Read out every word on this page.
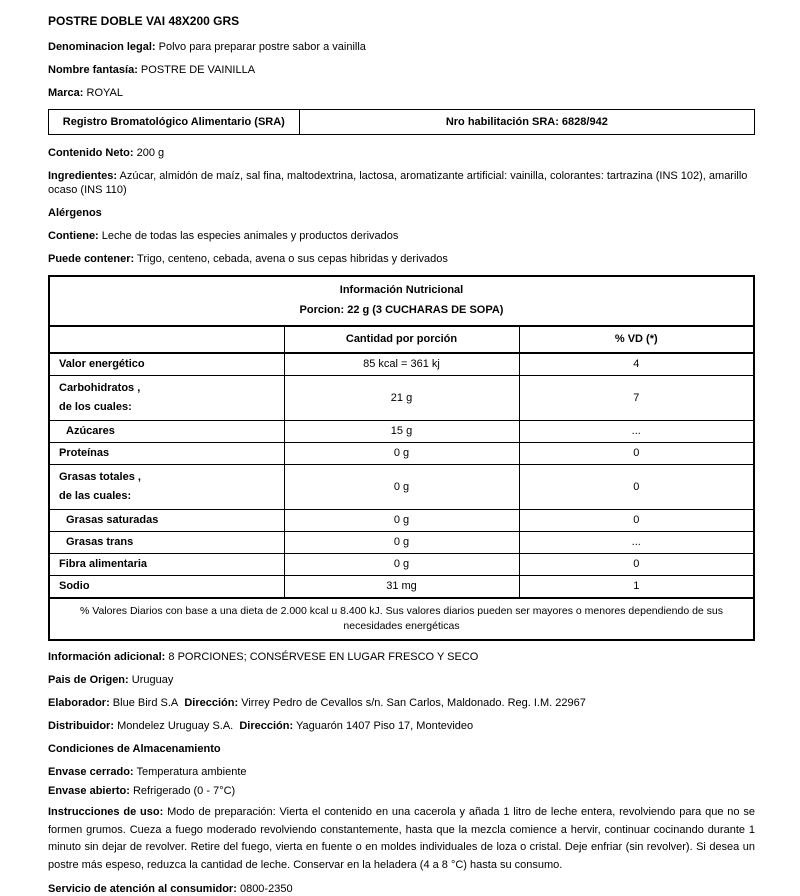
POSTRE DOBLE VAI 48X200 GRS

Denominacion legal: Polvo para preparar postre sabor a vainilla

Nombre fantasía: POSTRE DE VAINILLA

Marca: ROYAL

Registro Bromatológico Alimentario (SRA)	Nro habilitación SRA: 6828/942

Contenido Neto: 200 g

Ingredientes: Azúcar, almidón de maíz, sal fina, maltodextrina, lactosa, aromatizante artificial: vainilla, colorantes: tartrazina (INS 102), amarillo ocaso (INS 110)

Alérgenos

Contiene: Leche de todas las especies animales y productos derivados

Puede contener: Trigo, centeno, cebada, avena o sus cepas hibridas y derivados

Información Nutricional
Porcion: 22 g (3 CUCHARAS DE SOPA)		

	Cantidad por porción	% VD (*)
Valor energético	85 kcal = 361 kj	4

Carbohidratos ,
de los cuales:	21 g	7
Azúcares	15 g	...
Proteínas	0 g	0

Grasas totales ,
de las cuales:	0 g	0
Grasas saturadas	0 g	0
Grasas trans	0 g	...
Fibra alimentaria	0 g	0
Sodio	31 mg	1
% Valores Diarios con base a una dieta de 2.000 kcal u 8.400 kJ. Sus valores diarios pueden ser mayores o menores dependiendo de sus necesidades energéticas		

Información adicional: 8 PORCIONES; CONSÉRVESE EN LUGAR FRESCO Y SECO

Pais de Origen: Uruguay

Elaborador: Blue Bird S.A Dirección: Virrey Pedro de Cevallos s/n. San Carlos, Maldonado. Reg. I.M. 22967

Distribuidor: Mondelez Uruguay S.A. Dirección: Yaguarón 1407 Piso 17, Montevideo

Condiciones de Almacenamiento

Envase cerrado: Temperatura ambiente

Envase abierto: Refrigerado (0 - 7°C)

Instrucciones de uso: Modo de preparación: Vierta el contenido en una cacerola y añada 1 litro de leche entera, revolviendo para que no se formen grumos. Cueza a fuego moderado revolviendo constantemente, hasta que la mezcla comience a hervir, continuar cocinando durante 1 minuto sin dejar de revolver. Retire del fuego, vierta en fuente o en moldes individuales de loza o cristal. Deje enfriar (sin revolver). Si desea un postre más espeso, reduzca la cantidad de leche. Conservar en la heladera (4 a 8 °C) hasta su consumo.

Servicio de atención al consumidor: 0800-2350
